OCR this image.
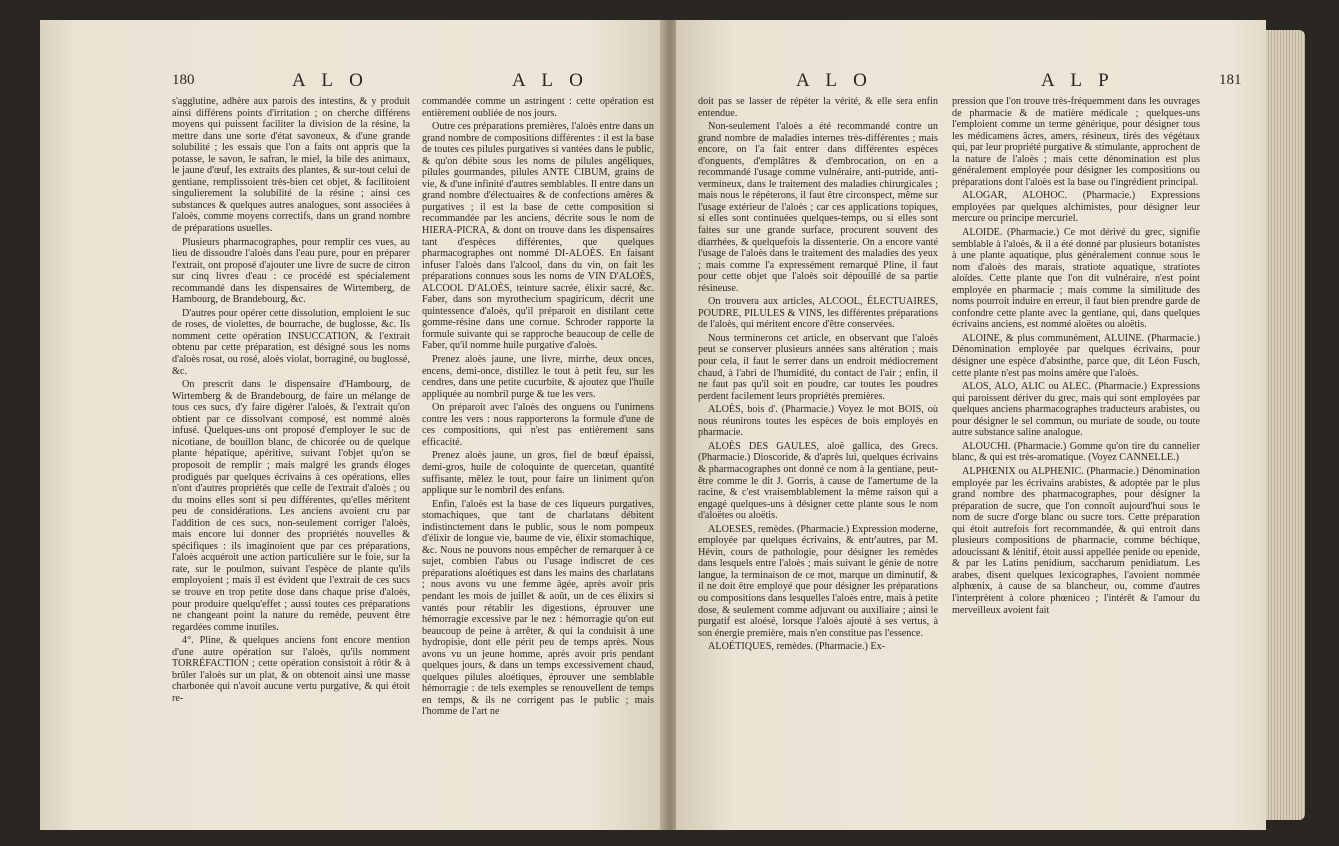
180	A L O	A L O

s'agglutine, adhère aux parois des intestins, & y produit ainsi différens points d'irritation ; on cherche différens moyens qui puissent faciliter la division de la résine, la mettre dans une sorte d'état savoneux, & d'une grande solubilité ; les essais que l'on a faits ont appris que la potasse, le savon, le safran, le miel, la bile des animaux, le jaune d'œuf, les extraits des plantes, & sur-tout celui de gentiane, remplissoient très-bien cet objet, & facilitoient singulierement la solubilité de la résine ; ainsi ces substances & quelques autres analogues, sont associées à l'aloès, comme moyens correctifs, dans un grand nombre de préparations usuelles.

Plusieurs pharmacographes, pour remplir ces vues, au lieu de dissoudre l'aloès dans l'eau pure, pour en préparer l'extrait, ont proposé d'ajouter une livre de sucre de citron sur cinq livres d'eau : ce procédé est spécialement recommandé dans les dispensaires de Wirtemberg, de Hambourg, de Brandebourg, &c.

D'autres pour opérer cette dissolution, emploient le suc de roses, de violettes, de bourrache, de buglosse, &c. Ils nomment cette opération INSUCCATION, & l'extrait obtenu par cette préparation, est désigné sous les noms d'aloès rosat, ou rosé, aloès violat, borraginé, ou buglossé, &c.

On prescrit dans le dispensaire d'Hambourg, de Wirtemberg & de Brandebourg, de faire un mélange de tous ces sucs, d'y faire digérer l'aloès, & l'extrait qu'on obtient par ce dissolvant composé, est nommé aloès infusé. Quelques-uns ont proposé d'employer le suc de nicotiane, de bouillon blanc, de chicorée ou de quelque plante hépatique, apéritive, suivant l'objet qu'on se proposoit de remplir ; mais malgré les grands éloges prodigués par quelques écrivains à ces opérations, elles n'ont d'autres propriétés que celle de l'extrait d'aloès ; ou du moins elles sont si peu différentes, qu'elles méritent peu de considérations. Les anciens avoient cru par l'addition de ces sucs, non-seulement corriger l'aloès, mais encore lui donner des propriétés nouvelles & spécifiques : ils imaginoient que par ces préparations, l'aloès acquéroit une action particulière sur le foie, sur la rate, sur le poulmon, suivant l'espèce de plante qu'ils employoient ; mais il est évident que l'extrait de ces sucs se trouve en trop petite dose dans chaque prise d'aloès, pour produire quelqu'effet ; aussi toutes ces préparations ne changeant point la nature du remède, peuvent être regardées comme inutiles.

4°. Pline, & quelques anciens font encore mention d'une autre opération sur l'aloès, qu'ils nomment TORRÉFACTION ; cette opération consistoit à rôtir & à brûler l'aloès sur un plat, & on obtenoit ainsi une masse charbonée qui n'avoit aucune vertu purgative, & qui étoit re-

commandée comme un astringent : cette opération est entièrement oubliée de nos jours.

Outre ces préparations premières, l'aloès entre dans un grand nombre de compositions différentes : il est la base de toutes ces pilules purgatives si vantées dans le public, & qu'on débite sous les noms de pilules angéliques, pilules gourmandes, pilules ANTE CIBUM, grains de vie, & d'une infinité d'autres semblables. Il entre dans un grand nombre d'électuaires & de confections amères & purgatives ; il est la base de cette composition si recommandée par les anciens, décrite sous le nom de HIERA-PICRA, & dont on trouve dans les dispensaires tant d'espèces différentes, que quelques pharmacographes ont nommé DI-ALOÈS. En faisant infuser l'aloès dans l'alcool, dans du vin, on fait les préparations connues sous les noms de VIN D'ALOÈS, ALCOOL D'ALOÈS, teinture sacrée, élixir sacré, &c. Faber, dans son myrothecium spagiricum, décrit une quintessence d'aloès, qu'il préparoit en distilant cette gomme-résine dans une cornue. Schroder rapporte la formule suivante qui se rapproche beaucoup de celle de Faber, qu'il nomme huile purgative d'aloès.

Prenez aloès jaune, une livre, mirrhe, deux onces, encens, demi-once, distillez le tout à petit feu, sur les cendres, dans une petite cucurbite, & ajoutez que l'huile appliquée au nombril purge & tue les vers.

On préparoit avec l'aloès des onguens ou l'unimens contre les vers : nous rapporterons la formule d'une de ces compositions, qui n'est pas entièrement sans efficacité.

Prenez aloès jaune, un gros, fiel de bœuf épaissi, demi-gros, huile de coloquinte de quercetan, quantité suffisante, mêlez le tout, pour faire un liniment qu'on applique sur le nombril des enfans.

Enfin, l'aloès est la base de ces liqueurs purgatives, stomachiques, que tant de charlatans débitent indistinctement dans le public, sous le nom pompeux d'élixir de longue vie, baume de vie, élixir stomachique, &c. Nous ne pouvons nous empêcher de remarquer à ce sujet, combien l'abus ou l'usage indiscret de ces préparations aloétiques est dans les mains des charlatans ; nous avons vu une femme âgée, après avoir pris pendant les mois de juillet & août, un de ces élixirs si vantés pour rétablir les digestions, éprouver une hémorragie excessive par le nez : hémorragie qu'on eut beaucoup de peine à arrêter, & qui la conduisit à une hydropisie, dont elle périt peu de temps après. Nous avons vu un jeune homme, après avoir pris pendant quelques jours, & dans un temps excessivement chaud, quelques pilules aloétiques, éprouver une semblable hémorragie : de tels exemples se renouvellent de temps en temps, & ils ne corrigent pas le public ; mais l'homme de l'art ne

A L O	A L P	181

doit pas se lasser de répéter la vérité, & elle sera enfin entendue.

Non-seulement l'aloès a été recommandé contre un grand nombre de maladies internes très-différentes ; mais encore, on l'a fait entrer dans différentes espèces d'onguents, d'emplâtres & d'embrocation, on en a recommandé l'usage comme vulnéraire, anti-putride, anti-vermineux, dans le traitement des maladies chirurgicales ; mais nous le répéterons, il faut être circonspect, même sur l'usage extérieur de l'aloès ; car ces applications topiques, si elles sont continuées quelques-temps, ou si elles sont faites sur une grande surface, procurent souvent des diarrhées, & quelquefois la dissenterie. On a encore vanté l'usage de l'aloès dans le traitement des maladies des yeux ; mais comme l'a expressément remarqué Pline, il faut pour cette objet que l'aloès soit dépouillé de sa partie résineuse.

On trouvera aux articles, ALCOOL, ÉLECTUAIRES, POUDRE, PILULES & VINS, les différentes préparations de l'aloès, qui méritent encore d'être conservées.

Nous terminerons cet article, en observant que l'aloès peut se conserver plusieurs années sans altération ; mais pour cela, il faut le serrer dans un endroit médiocrement chaud, à l'abri de l'humidité, du contact de l'air ; enfin, il ne faut pas qu'il soit en poudre, car toutes les poudres perdent facilement leurs propriétés premières.

ALOÈS, bois d'. (Pharmacie.) Voyez le mot BOIS, où nous réunirons toutes les espèces de bois employés en pharmacie.

ALOÈS DES GAULES, aloë gallica, des Grecs. (Pharmacie.) Dioscoride, & d'après lui, quelques écrivains & pharmacographes ont donné ce nom à la gentiane, peut-être comme le dit J. Gorris, à cause de l'amertume de la racine, & c'est vraisemblablement la même raison qui a engagé quelques-uns à désigner cette plante sous le nom d'aloëtes ou aloëtis.

ALOESES, remèdes. (Pharmacie.) Expression moderne, employée par quelques écrivains, & entr'autres, par M. Hévin, cours de pathologie, pour désigner les remèdes dans lesquels entre l'aloès ; mais suivant le génie de notre langue, la terminaison de ce mot, marque un diminutif, & il ne doit être employé que pour désigner les préparations ou compositions dans lesquelles l'aloès entre, mais à petite dose, & seulement comme adjuvant ou auxiliaire ; ainsi le purgatif est aloésé, lorsque l'aloès ajouté à ses vertus, à son énergie première, mais n'en constitue pas l'essence.

ALOÉTIQUES, remèdes. (Pharmacie.) Ex-

pression que l'on trouve très-fréquemment dans les ouvrages de pharmacie & de matière médicale ; quelques-uns l'emploient comme un terme générique, pour désigner tous les médicamens âcres, amers, résineux, tirés des végétaux qui, par leur propriété purgative & stimulante, approchent de la nature de l'aloès ; mais cette dénomination est plus généralement employée pour désigner les compositions ou préparations dont l'aloès est la base ou l'ingrédient principal.

ALOGAR, ALOHOC. (Pharmacie.) Expressions employées par quelques alchimistes, pour désigner leur mercure ou principe mercuriel.

ALOIDE. (Pharmacie.) Ce mot dérivé du grec, signifie semblable à l'aloès, & il a été donné par plusieurs botanistes à une plante aquatique, plus généralement connue sous le nom d'aloès des marais, stratiote aquatique, stratiotes aloïdes. Cette plante que l'on dit vulnéraire, n'est point employée en pharmacie ; mais comme la similitude des noms pourroit induire en erreur, il faut bien prendre garde de confondre cette plante avec la gentiane, qui, dans quelques écrivains anciens, est nommé aloëtes ou aloëtis.

ALOINE, & plus communément, ALUINE. (Pharmacie.) Dénomination employée par quelques écrivains, pour désigner une espèce d'absinthe, parce que, dit Léon Fusch, cette plante n'est pas moins amère que l'aloès.

ALOS, ALO, ALIC ou ALEC. (Pharmacie.) Expressions qui paroissent dériver du grec, mais qui sont employées par quelques anciens pharmacographes traducteurs arabistes, ou pour désigner le sel commun, ou muriate de soude, ou toute autre substance saline analogue.

ALOUCHI. (Pharmacie.) Gomme qu'on tire du cannelier blanc, & qui est très-aromatique. (Voyez CANNELLE.)

ALPHŒNIX ou ALPHENIC. (Pharmacie.) Dénomination employée par les écrivains arabistes, & adoptée par le plus grand nombre des pharmacographes, pour désigner la préparation de sucre, que l'on connoît aujourd'hui sous le nom de sucre d'orge blanc ou sucre tors. Cette préparation qui étoit autrefois fort recommandée, & qui entroit dans plusieurs compositions de pharmacie, comme béchique, adoucissant & lénitif, étoit aussi appellée penide ou epenide, & par les Latins penidium, saccharum penidiatum. Les arabes, disent quelques lexicographes, l'avoient nommée alphœnix, à cause de sa blancheur, ou, comme d'autres l'interprètent à colore phœniceo ; l'intérêt & l'amour du merveilleux avoient fait
